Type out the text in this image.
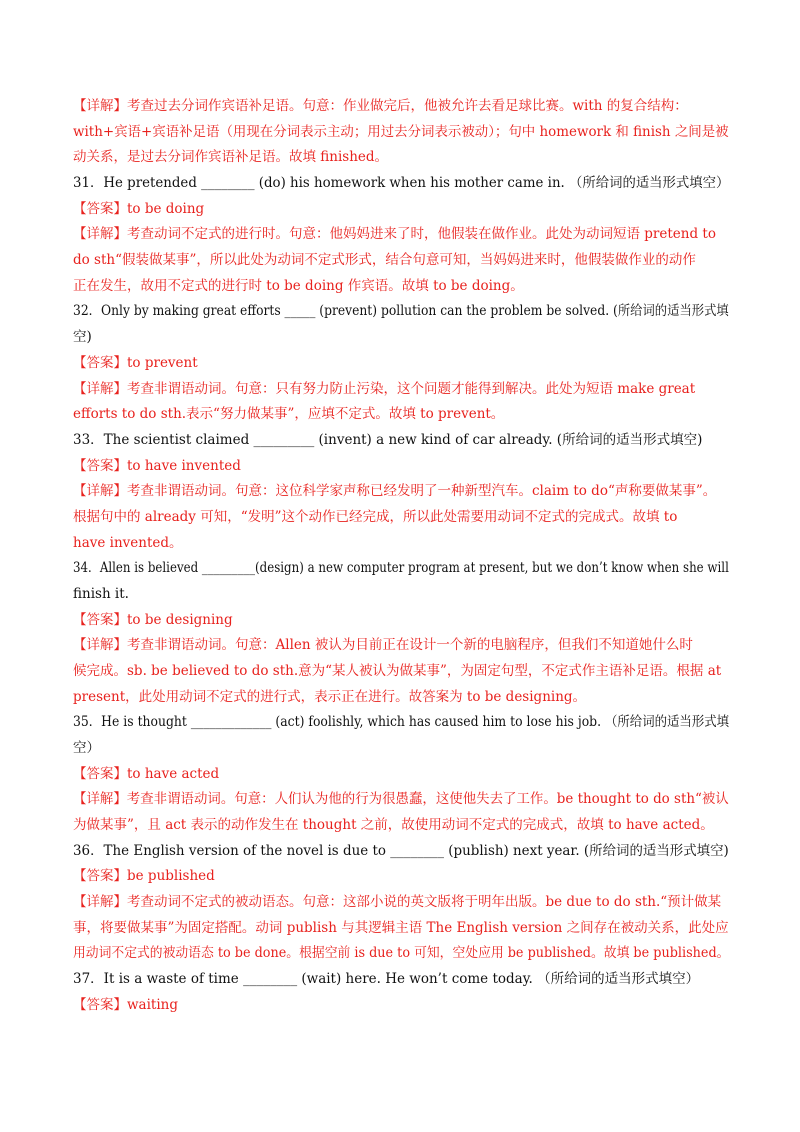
【详解】考查过去分词作宾语补足语。句意：作业做完后，他被允许去看足球比赛。with 的复合结构：
with+宾语+宾语补足语（用现在分词表示主动；用过去分词表示被动）；句中 homework 和 finish 之间是被
动关系，是过去分词作宾语补足语。故填 finished。
31．He pretended ________ (do) his homework when his mother came in. （所给词的适当形式填空）
【答案】to be doing
【详解】考查动词不定式的进行时。句意：他妈妈进来了时，他假装在做作业。此处为动词短语 pretend to
do sth“假装做某事”，所以此处为动词不定式形式，结合句意可知，当妈妈进来时，他假装做作业的动作
正在发生，故用不定式的进行时 to be doing 作宾语。故填 to be doing。
32．Only by making great efforts _____ (prevent) pollution can the problem be solved. (所给词的适当形式填
空)
【答案】to prevent
【详解】考查非谓语动词。句意：只有努力防止污染，这个问题才能得到解决。此处为短语 make great
efforts to do sth.表示“努力做某事”，应填不定式。故填 to prevent。
33．The scientist claimed _________ (invent) a new kind of car already. (所给词的适当形式填空)
【答案】to have invented
【详解】考查非谓语动词。句意：这位科学家声称已经发明了一种新型汽车。claim to do“声称要做某事”。
根据句中的 already 可知，“发明”这个动作已经完成，所以此处需要用动词不定式的完成式。故填 to
have invented。
34．Allen is believed _________(design) a new computer program at present, but we don’t know when she will
finish it.
【答案】to be designing
【详解】考查非谓语动词。句意：Allen 被认为目前正在设计一个新的电脑程序，但我们不知道她什么时
候完成。sb. be believed to do sth.意为“某人被认为做某事”，为固定句型，不定式作主语补足语。根据 at
present，此处用动词不定式的进行式，表示正在进行。故答案为 to be designing。
35．He is thought _____________ (act) foolishly, which has caused him to lose his job. （所给词的适当形式填
空）
【答案】to have acted
【详解】考查非谓语动词。句意：人们认为他的行为很愚蠢，这使他失去了工作。be thought to do sth“被认
为做某事”，且 act 表示的动作发生在 thought 之前，故使用动词不定式的完成式，故填 to have acted。
36．The English version of the novel is due to ________ (publish) next year. (所给词的适当形式填空)
【答案】be published
【详解】考查动词不定式的被动语态。句意：这部小说的英文版将于明年出版。be due to do sth.“预计做某
事，将要做某事”为固定搭配。动词 publish 与其逻辑主语 The English version 之间存在被动关系，此处应
用动词不定式的被动语态 to be done。根据空前 is due to 可知，空处应用 be published。故填 be published。
37．It is a waste of time ________ (wait) here. He won’t come today. （所给词的适当形式填空）
【答案】waiting
